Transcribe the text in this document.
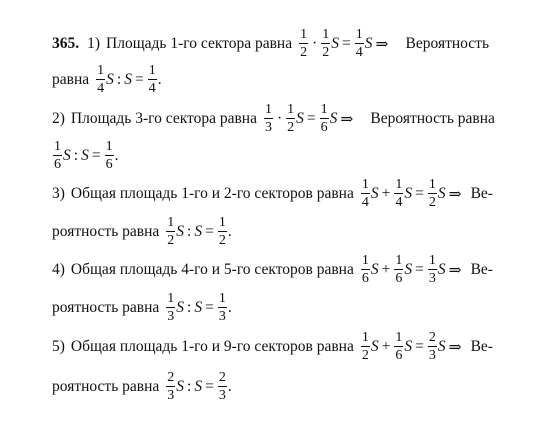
365. 1) Площадь 1-го сектора равна $\frac{1}{2} \cdot \frac{1}{2}$ $S = \frac{1}{4}$ S ⇒ Вероятность
равна $\frac{1}{4}$ S : $S = \frac{1}{4}$ .
2) Площадь 3-го сектора равна $\frac{1}{3} \cdot \frac{1}{2}$ $S = \frac{1}{6}$ S ⇒ Вероятность равна
$\frac{1}{6}$ S : $S = \frac{1}{6}$ .
3) Общая площадь 1-го и 2-го секторов равна $\frac{1}{4}$ $S + \frac{1}{4}$ $S = \frac{1}{2}$ S ⇒ Ве-
роятность равна $\frac{1}{2}$ S : $S = \frac{1}{2}$ .
4) Общая площадь 4-го и 5-го секторов равна $\frac{1}{6}$ $S + \frac{1}{6}$ $S = \frac{1}{3}$ S ⇒ Ве-
роятность равна $\frac{1}{3}$ S : $S = \frac{1}{3}$ .
5) Общая площадь 1-го и 9-го секторов равна $\frac{1}{2}$ $S + \frac{1}{6}$ $S = \frac{2}{3}$ S ⇒ Ве-
роятность равна $\frac{2}{3}$ S : $S = \frac{2}{3}$ .
